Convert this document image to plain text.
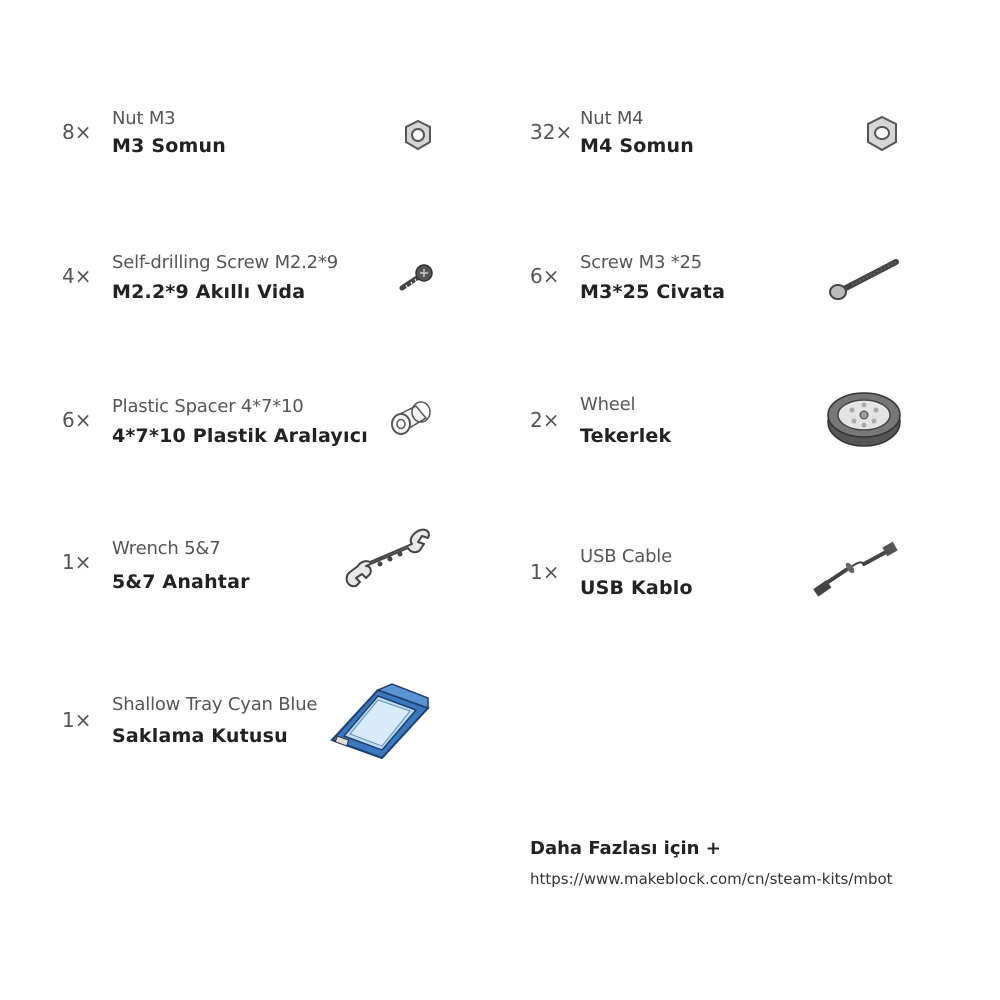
8×
Nut M3
M3 Somun
32×
Nut M4
M4 Somun
4×
Self-drilling Screw M2.2*9
M2.2*9 Akıllı Vida
6×
Screw M3 *25
M3*25 Civata
6×
Plastic Spacer 4*7*10
4*7*10 Plastik Aralayıcı
2×
Wheel
Tekerlek
1×
Wrench 5&7
5&7 Anahtar	1×
USB Cable
USB Kablo
1×
Shallow Tray Cyan Blue
Saklama Kutusu
Daha Fazlası için +
https://www.makeblock.com/cn/steam-kits/mbot
